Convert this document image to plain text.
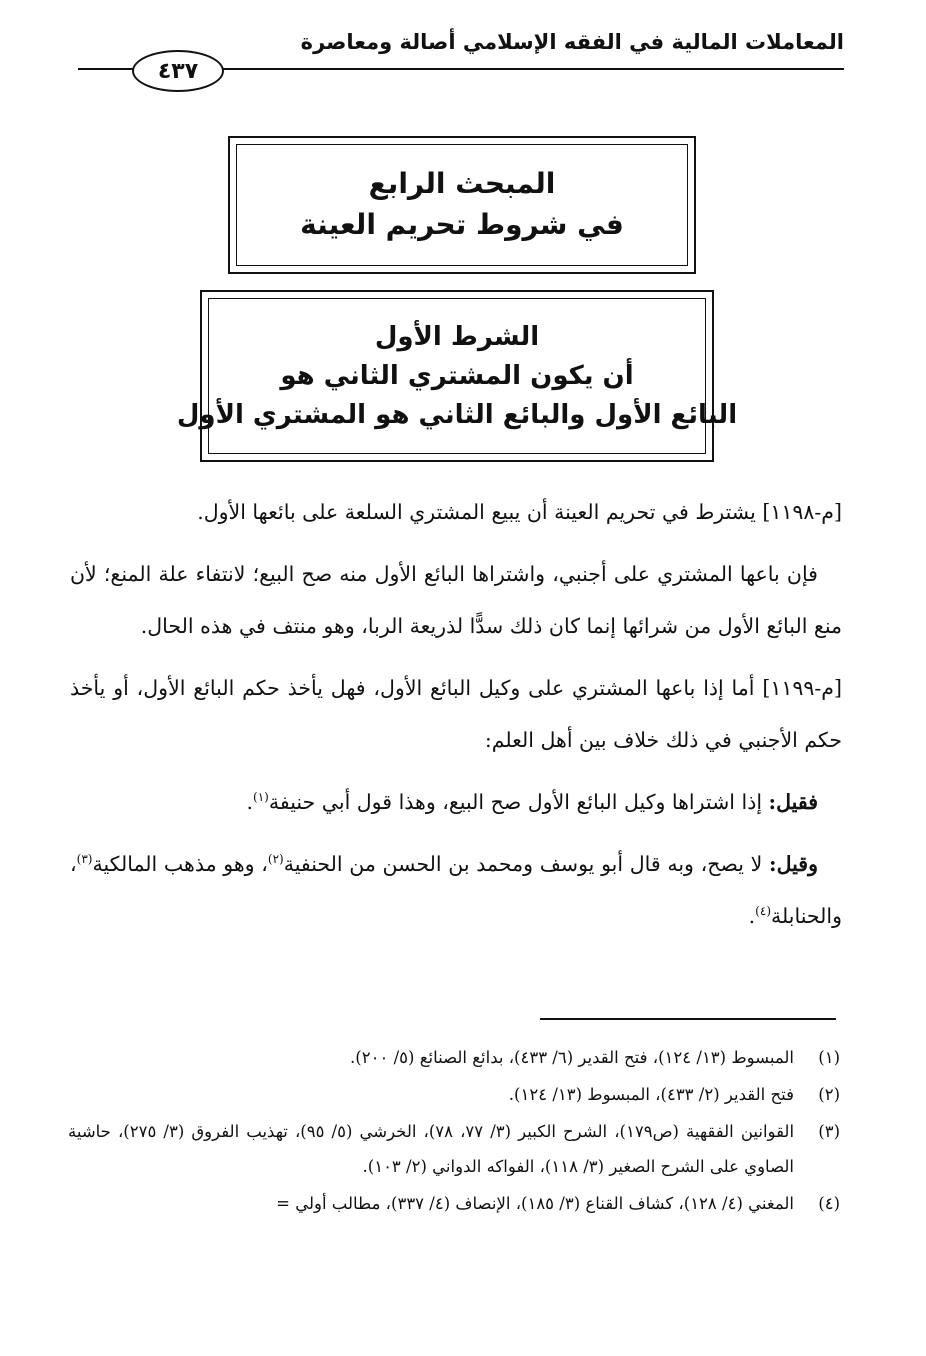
المعاملات المالية في الفقه الإسلامي أصالة ومعاصرة
٤٣٧
المبحث الرابع
في شروط تحريم العينة
الشرط الأول
أن يكون المشتري الثاني هو
البائع الأول والبائع الثاني هو المشتري الأول

[م-١١٩٨] يشترط في تحريم العينة أن يبيع المشتري السلعة على بائعها الأول.

فإن باعها المشتري على أجنبي، واشتراها البائع الأول منه صح البيع؛ لانتفاء علة المنع؛ لأن منع البائع الأول من شرائها إنما كان ذلك سدًّا لذريعة الربا، وهو منتف في هذه الحال.

[م-١١٩٩] أما إذا باعها المشتري على وكيل البائع الأول، فهل يأخذ حكم البائع الأول، أو يأخذ حكم الأجنبي في ذلك خلاف بين أهل العلم:

فقيل: إذا اشتراها وكيل البائع الأول صح البيع، وهذا قول أبي حنيفة$^{(١)}$.

وقيل: لا يصح، وبه قال أبو يوسف ومحمد بن الحسن من الحنفية$^{(٢)}$، وهو مذهب المالكية$^{(٣)}$، والحنابلة$^{(٤)}$.

(١)
المبسوط (١٣/ ١٢٤)، فتح القدير (٦/ ٤٣٣)، بدائع الصنائع (٥/ ٢٠٠).
(٢)
فتح القدير (٢/ ٤٣٣)، المبسوط (١٣/ ١٢٤).
(٣)
القوانين الفقهية (ص١٧٩)، الشرح الكبير (٣/ ٧٧، ٧٨)، الخرشي (٥/ ٩٥)، تهذيب الفروق (٣/ ٢٧٥)، حاشية الصاوي على الشرح الصغير (٣/ ١١٨)، الفواكه الدواني (٢/ ١٠٣).
(٤)
المغني (٤/ ١٢٨)، كشاف القناع (٣/ ١٨٥)، الإنصاف (٤/ ٣٣٧)، مطالب أولي =
